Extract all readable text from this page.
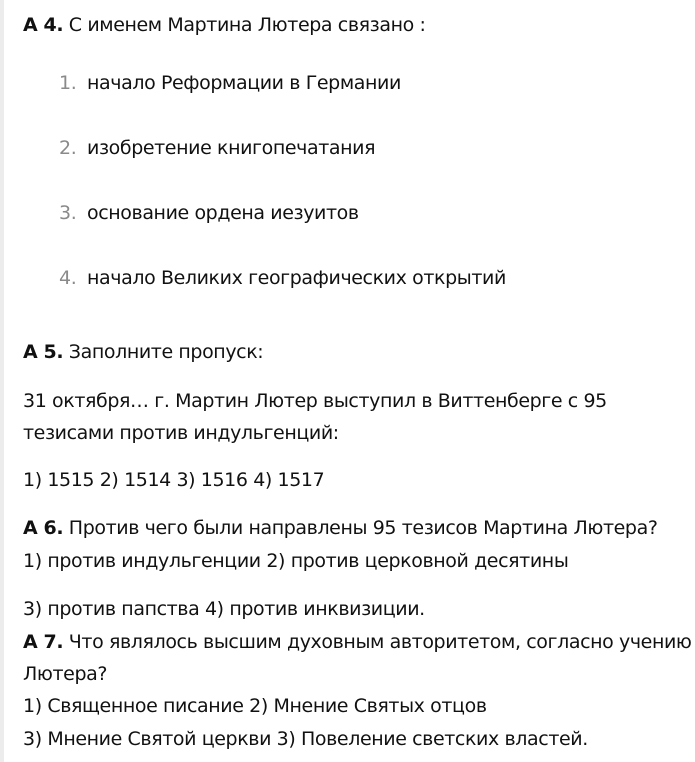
А 4. С именем Мартина Лютера связано :
1. начало Реформации в Германии
2. изобретение книгопечатания
3. основание ордена иезуитов
4. начало Великих географических открытий
А 5. Заполните пропуск:
31 октября… г. Мартин Лютер выступил в Виттенберге с 95
тезисами против индульгенций:
1) 1515 2) 1514 3) 1516 4) 1517
А 6. Против чего были направлены 95 тезисов Мартина Лютера?
1) против индульгенции 2) против церковной десятины
3) против папства 4) против инквизиции.
А 7. Что являлось высшим духовным авторитетом, согласно учению
Лютера?
1) Священное писание 2) Мнение Святых отцов
3) Мнение Святой церкви 3) Повеление светских властей.
